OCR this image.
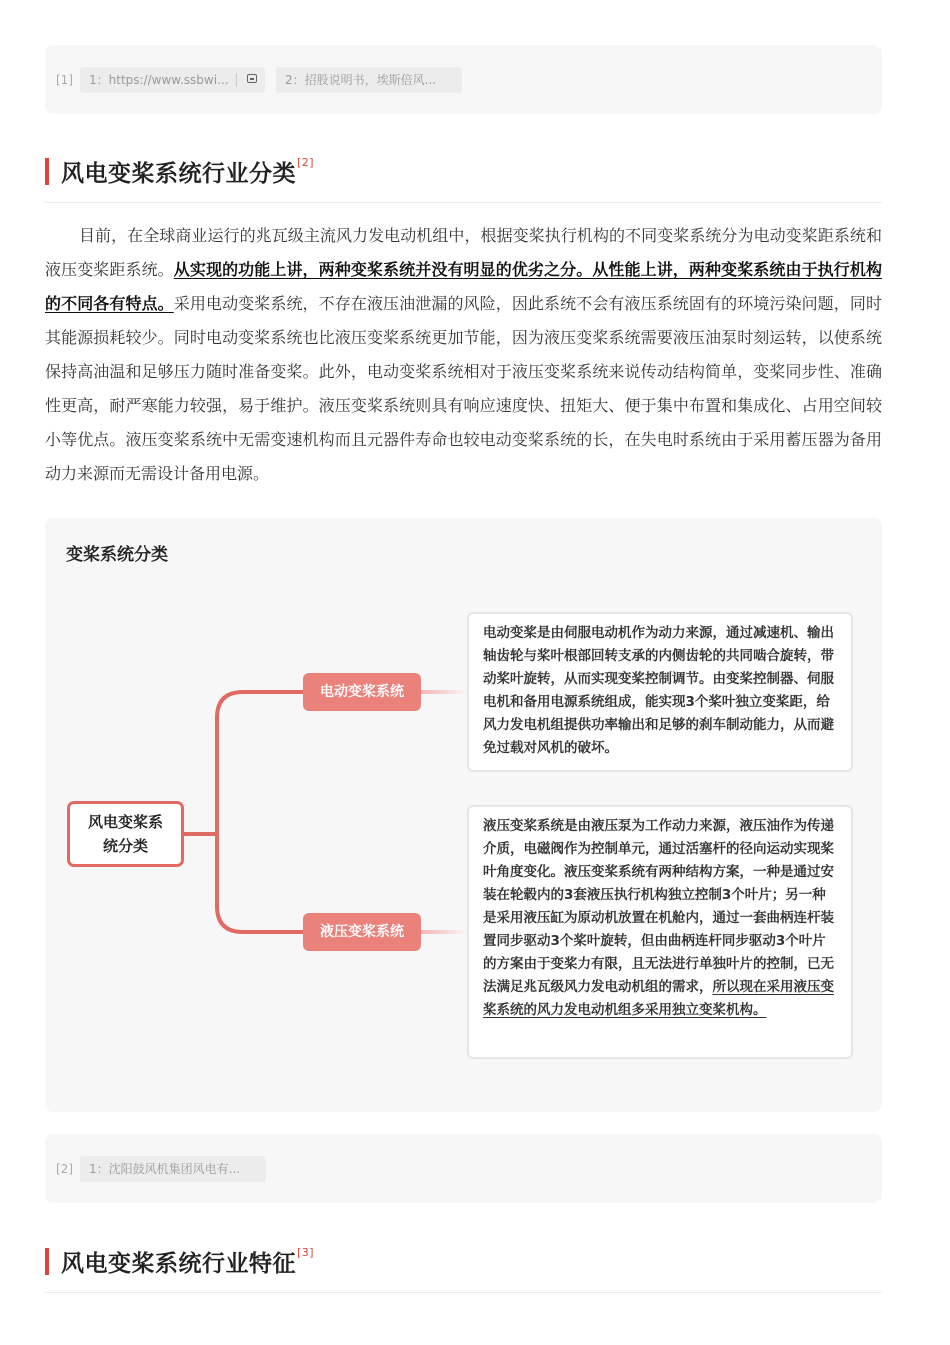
[1]	1：https://www.ssbwi...	2：招股说明书，埃斯倍风...
风电变桨系统行业分类[2]
目前，在全球商业运行的兆瓦级主流风力发电动机组中，根据变桨执行机构的不同变桨系统分为电动变桨距系统和液压变桨距系统。从实现的功能上讲，两种变桨系统并没有明显的优劣之分。从性能上讲，两种变桨系统由于执行机构的不同各有特点。采用电动变桨系统，不存在液压油泄漏的风险，因此系统不会有液压系统固有的环境污染问题，同时其能源损耗较少。同时电动变桨系统也比液压变桨系统更加节能，因为液压变桨系统需要液压油泵时刻运转，以使系统保持高油温和足够压力随时准备变桨。此外，电动变桨系统相对于液压变桨系统来说传动结构简单，变桨同步性、准确性更高，耐严寒能力较强，易于维护。液压变桨系统则具有响应速度快、扭矩大、便于集中布置和集成化、占用空间较小等优点。液压变桨系统中无需变速机构而且元器件寿命也较电动变桨系统的长，在失电时系统由于采用蓄压器为备用动力来源而无需设计备用电源。
变桨系统分类
风电变桨系统分类
电动变桨系统
液压变桨系统
电动变桨是由伺服电动机作为动力来源，通过减速机、输出轴齿轮与桨叶根部回转支承的内侧齿轮的共同啮合旋转，带动桨叶旋转，从而实现变桨控制调节。由变桨控制器、伺服电机和备用电源系统组成，能实现3个桨叶独立变桨距，给风力发电机组提供功率输出和足够的刹车制动能力，从而避免过载对风机的破坏。
液压变桨系统是由液压泵为工作动力来源，液压油作为传递介质，电磁阀作为控制单元，通过活塞杆的径向运动实现桨叶角度变化。液压变桨系统有两种结构方案，一种是通过安装在轮毂内的3套液压执行机构独立控制3个叶片；另一种是采用液压缸为原动机放置在机舱内，通过一套曲柄连杆装置同步驱动3个桨叶旋转，但由曲柄连杆同步驱动3个叶片的方案由于变桨力有限，且无法进行单独叶片的控制，已无法满足兆瓦级风力发电动机组的需求，所以现在采用液压变桨系统的风力发电动机组多采用独立变桨机构。
[2]	1：沈阳鼓风机集团风电有...
风电变桨系统行业特征[3]
